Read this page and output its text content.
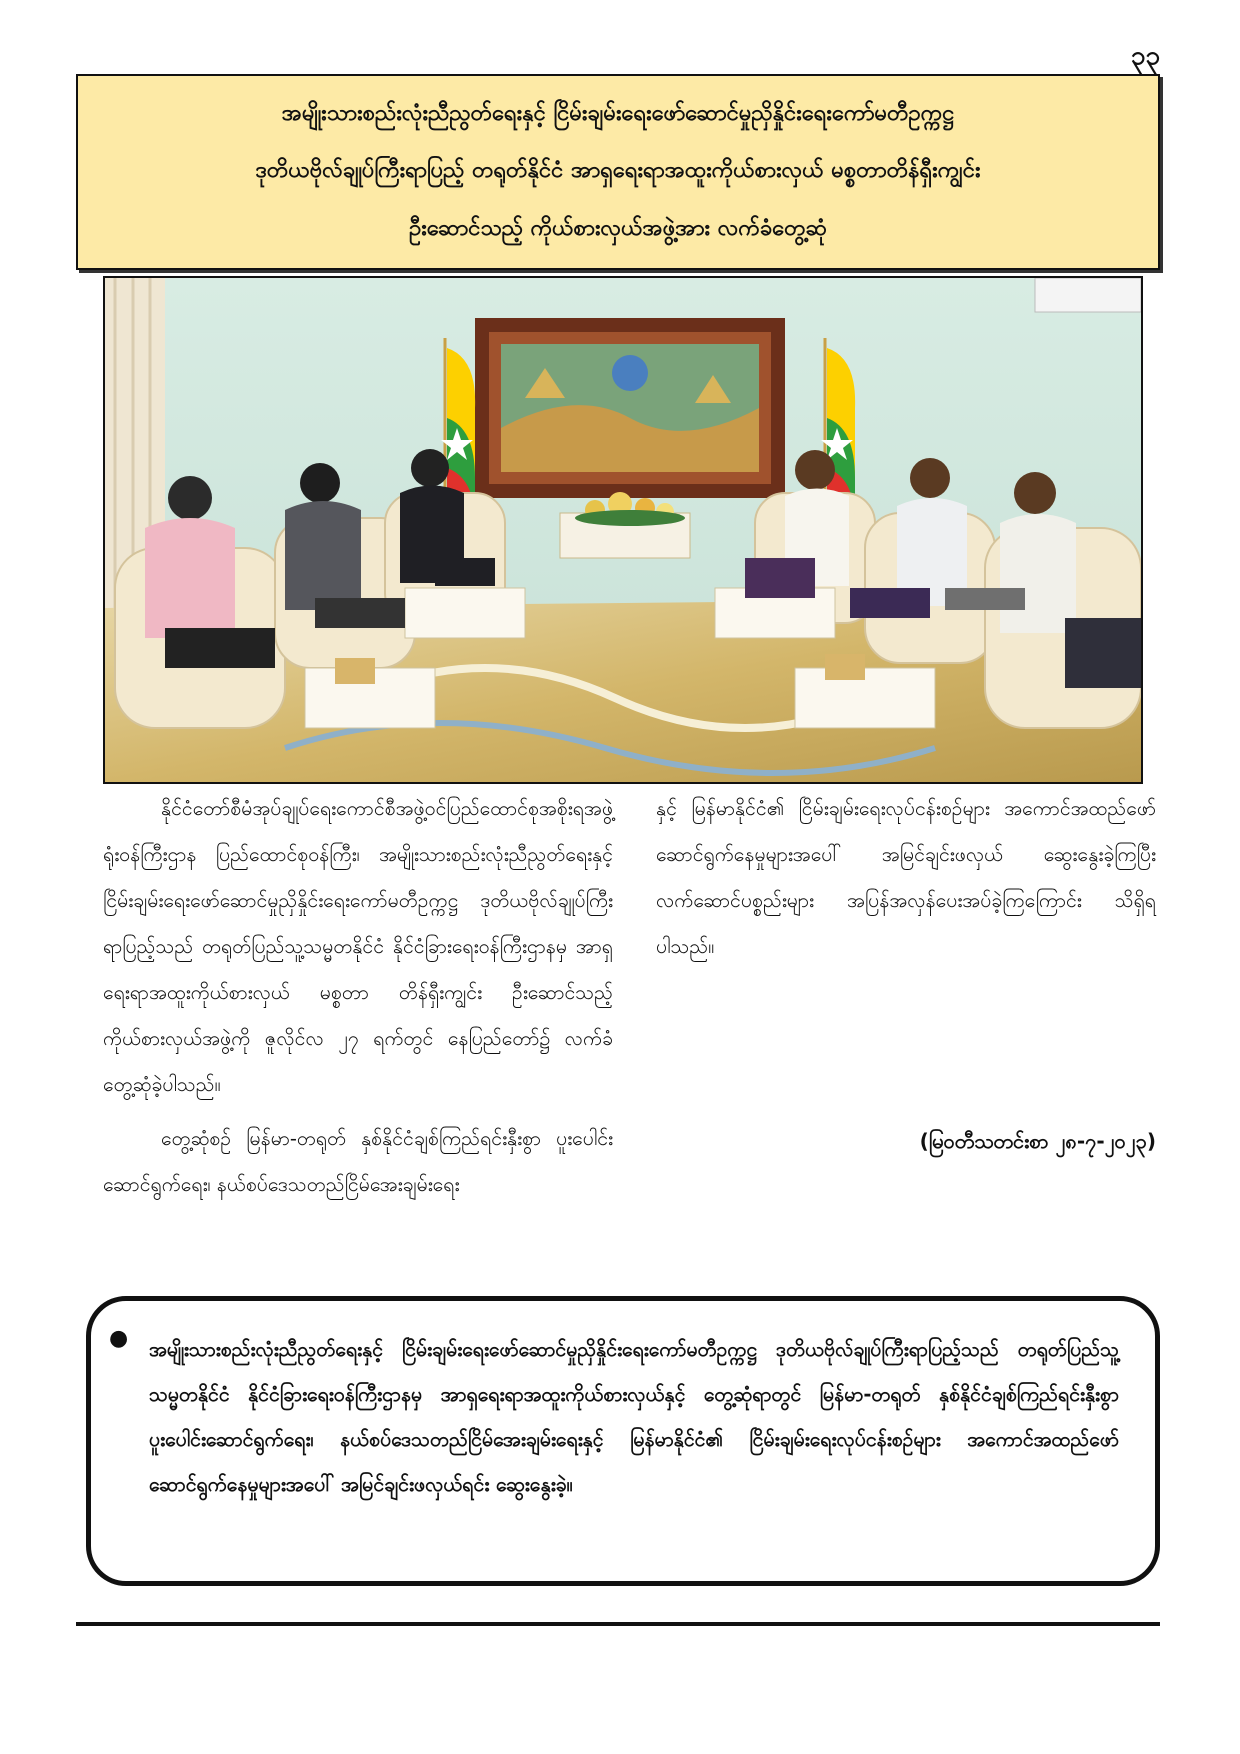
၃၃
အမျိုးသားစည်းလုံးညီညွတ်ရေးနှင့် ငြိမ်းချမ်းရေးဖော်ဆောင်မှုညှိနှိုင်းရေးကော်မတီဥက္ကဋ္ဌ
ဒုတိယဗိုလ်ချုပ်ကြီးရာပြည့် တရုတ်နိုင်ငံ အာရှရေးရာအထူးကိုယ်စားလှယ် မစ္စတာတိန်ရှီးကျွင်း
ဦးဆောင်သည့် ကိုယ်စားလှယ်အဖွဲ့အား လက်ခံတွေ့ဆုံ

နိုင်ငံတော်စီမံအုပ်ချုပ်ရေးကောင်စီအဖွဲ့ဝင်ပြည်ထောင်စုအစိုးရအဖွဲ့ရုံးဝန်ကြီးဌာန ပြည်ထောင်စုဝန်ကြီး၊ အမျိုးသားစည်းလုံးညီညွတ်ရေးနှင့် ငြိမ်းချမ်းရေးဖော်ဆောင်မှုညှိနှိုင်းရေးကော်မတီဥက္ကဋ္ဌ ဒုတိယဗိုလ်ချုပ်ကြီးရာပြည့်သည် တရုတ်ပြည်သူ့သမ္မတနိုင်ငံ နိုင်ငံခြားရေးဝန်ကြီးဌာနမှ အာရှရေးရာအထူးကိုယ်စားလှယ် မစ္စတာ တိန်ရှီးကျွင်း ဦးဆောင်သည့် ကိုယ်စားလှယ်အဖွဲ့ကို ဇူလိုင်လ ၂၇ ရက်တွင် နေပြည်တော်၌ လက်ခံတွေ့ဆုံခဲ့ပါသည်။

တွေ့ဆုံစဉ် မြန်မာ-တရုတ် နှစ်နိုင်ငံချစ်ကြည်ရင်းနှီးစွာ ပူးပေါင်းဆောင်ရွက်ရေး၊ နယ်စပ်ဒေသတည်ငြိမ်အေးချမ်းရေး

နှင့် မြန်မာနိုင်ငံ၏ ငြိမ်းချမ်းရေးလုပ်ငန်းစဉ်များ အကောင်အထည်ဖော် ဆောင်ရွက်နေမှုများအပေါ် အမြင်ချင်းဖလှယ် ဆွေးနွေးခဲ့ကြပြီး လက်ဆောင်ပစ္စည်းများ အပြန်အလှန်ပေးအပ်ခဲ့ကြကြောင်း သိရှိရပါသည်။

(မြဝတီသတင်းစာ ၂၈-၇-၂၀၂၃)
● အမျိုးသားစည်းလုံးညီညွတ်ရေးနှင့် ငြိမ်းချမ်းရေးဖော်ဆောင်မှုညှိနှိုင်းရေးကော်မတီဥက္ကဋ္ဌ ဒုတိယဗိုလ်ချုပ်ကြီးရာပြည့်သည် တရုတ်ပြည်သူ့သမ္မတနိုင်ငံ နိုင်ငံခြားရေးဝန်ကြီးဌာနမှ အာရှရေးရာအထူးကိုယ်စားလှယ်နှင့် တွေ့ဆုံရာတွင် မြန်မာ-တရုတ် နှစ်နိုင်ငံချစ်ကြည်ရင်းနှီးစွာ ပူးပေါင်းဆောင်ရွက်ရေး၊ နယ်စပ်ဒေသတည်ငြိမ်အေးချမ်းရေးနှင့် မြန်မာနိုင်ငံ၏ ငြိမ်းချမ်းရေးလုပ်ငန်းစဉ်များ အကောင်အထည်ဖော် ဆောင်ရွက်နေမှုများအပေါ် အမြင်ချင်းဖလှယ်ရင်း ဆွေးနွေးခဲ့။
